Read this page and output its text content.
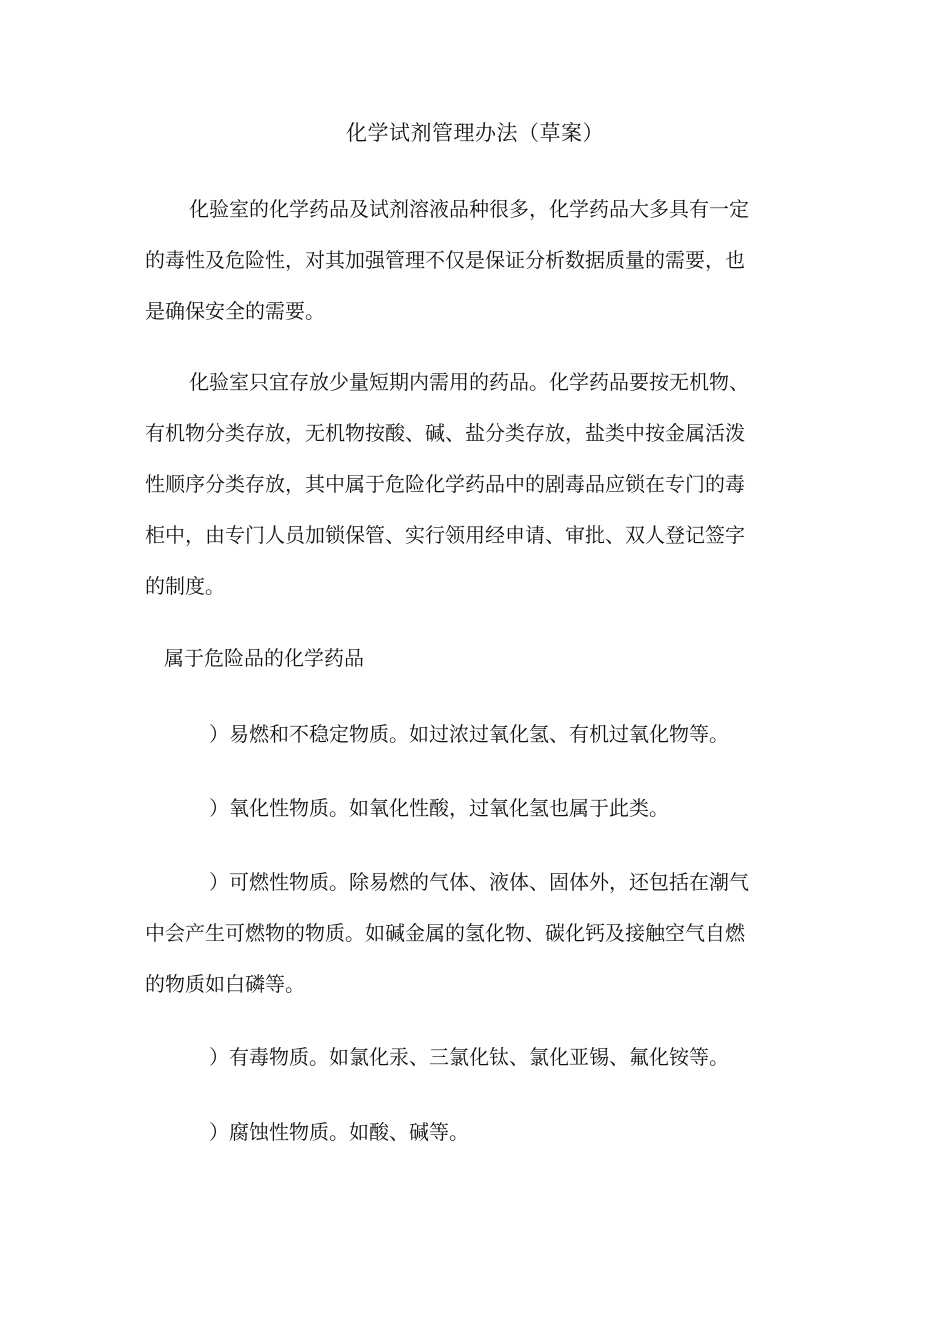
化学试剂管理办法（草案）
化验室的化学药品及试剂溶液品种很多，化学药品大多具有一定
的毒性及危险性，对其加强管理不仅是保证分析数据质量的需要，也
是确保安全的需要。
化验室只宜存放少量短期内需用的药品。化学药品要按无机物、
有机物分类存放，无机物按酸、碱、盐分类存放，盐类中按金属活泼
性顺序分类存放，其中属于危险化学药品中的剧毒品应锁在专门的毒
柜中，由专门人员加锁保管、实行领用经申请、审批、双人登记签字
的制度。
属于危险品的化学药品
）易燃和不稳定物质。如过浓过氧化氢、有机过氧化物等。
）氧化性物质。如氧化性酸，过氧化氢也属于此类。
）可燃性物质。除易燃的气体、液体、固体外，还包括在潮气
中会产生可燃物的物质。如碱金属的氢化物、碳化钙及接触空气自燃
的物质如白磷等。
）有毒物质。如氯化汞、三氯化钛、氯化亚锡、氟化铵等。
）腐蚀性物质。如酸、碱等。
